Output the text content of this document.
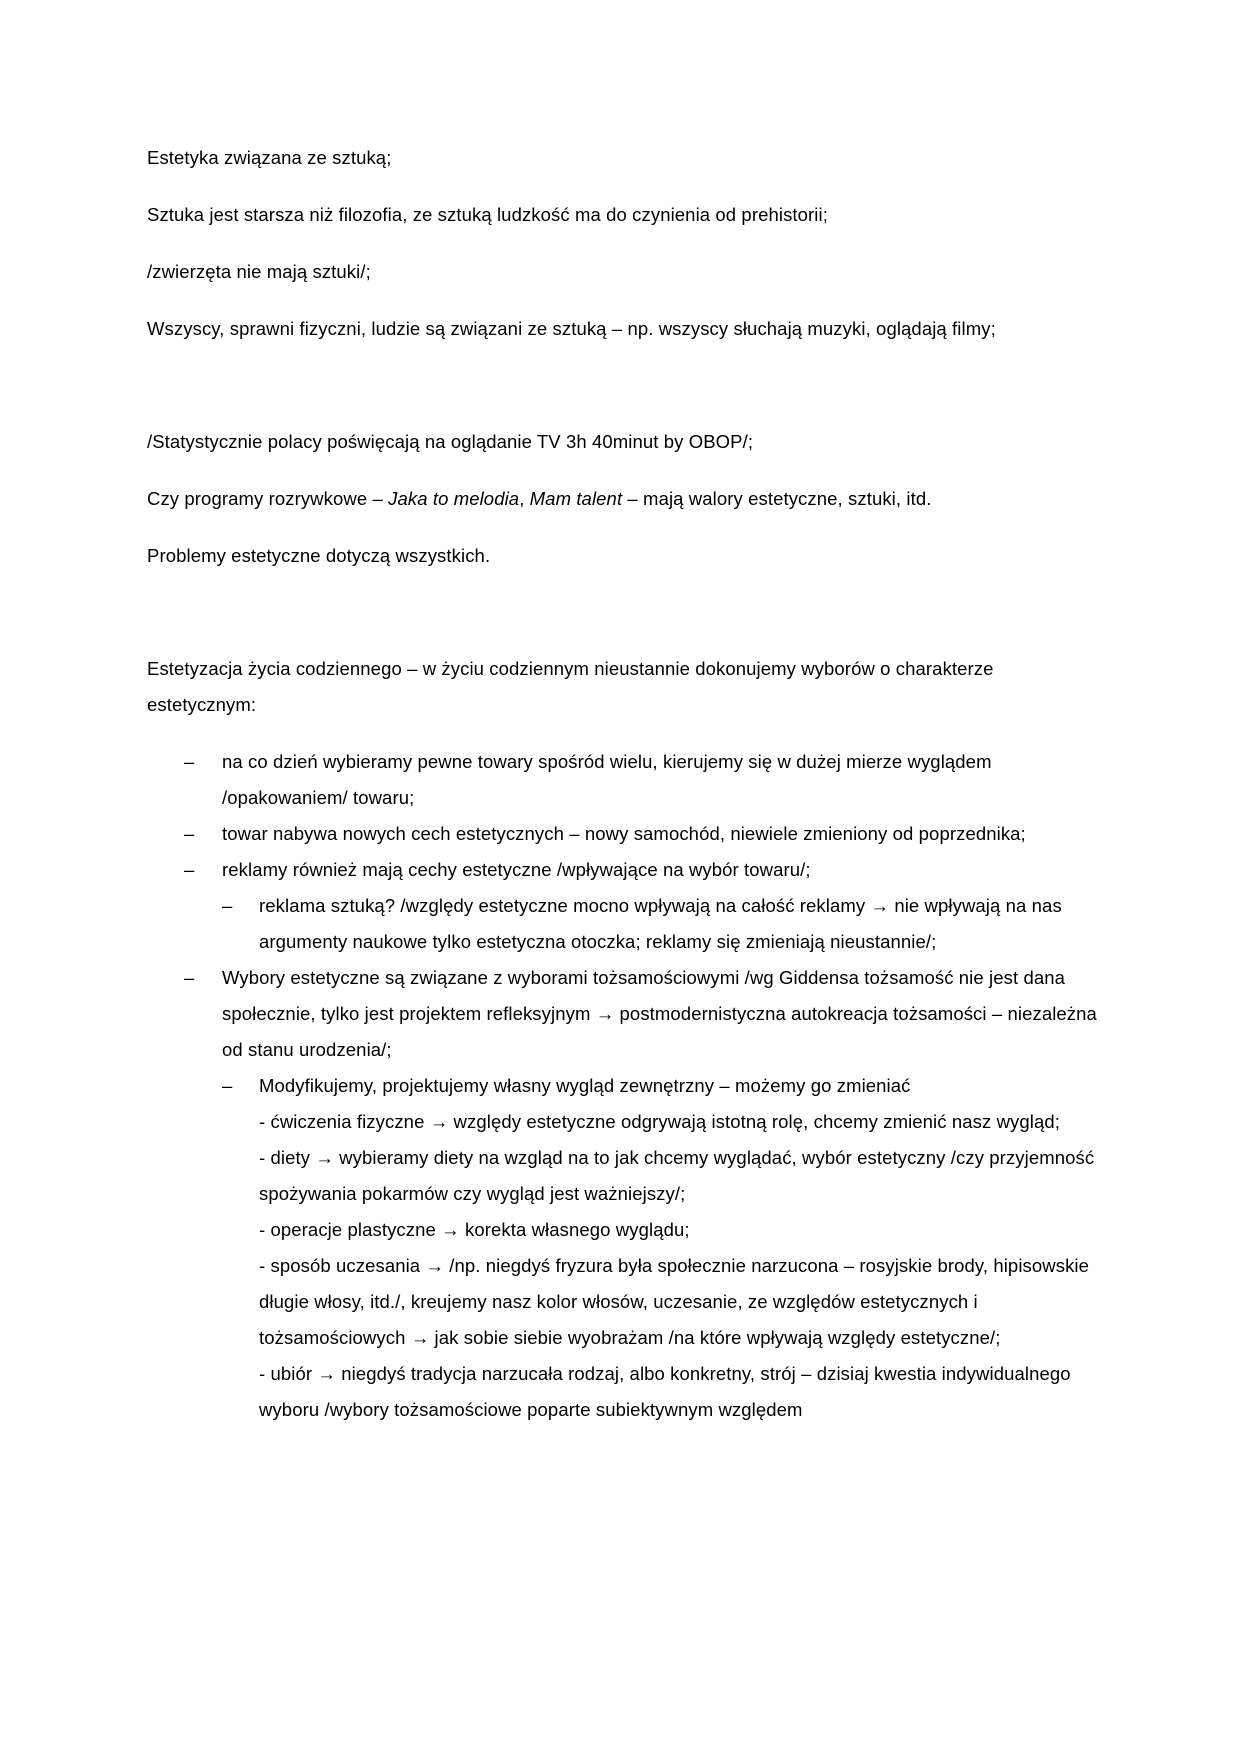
Estetyka związana ze sztuką;

Sztuka jest starsza niż filozofia, ze sztuką ludzkość ma do czynienia od prehistorii;

/zwierzęta nie mają sztuki/;

Wszyscy, sprawni fizyczni, ludzie są związani ze sztuką – np. wszyscy słuchają muzyki, oglądają filmy;

/Statystycznie polacy poświęcają na oglądanie TV 3h 40minut by OBOP/;

Czy programy rozrywkowe – Jaka to melodia, Mam talent – mają walory estetyczne, sztuki, itd.

Problemy estetyczne dotyczą wszystkich.

Estetyzacja życia codziennego – w życiu codziennym nieustannie dokonujemy wyborów o charakterze estetycznym:

– na co dzień wybieramy pewne towary spośród wielu, kierujemy się w dużej mierze wyglądem /opakowaniem/ towaru;
– towar nabywa nowych cech estetycznych – nowy samochód, niewiele zmieniony od poprzednika;
– reklamy również mają cechy estetyczne /wpływające na wybór towaru/;
– reklama sztuką? /względy estetyczne mocno wpływają na całość reklamy → nie wpływają na nas argumenty naukowe tylko estetyczna otoczka; reklamy się zmieniają nieustannie/;
– Wybory estetyczne są związane z wyborami tożsamościowymi /wg Giddensa tożsamość nie jest dana społecznie, tylko jest projektem refleksyjnym → postmodernistyczna autokreacja tożsamości – niezależna od stanu urodzenia/;
– Modyfikujemy, projektujemy własny wygląd zewnętrzny – możemy go zmieniać
- ćwiczenia fizyczne → względy estetyczne odgrywają istotną rolę, chcemy zmienić nasz wygląd;
- diety → wybieramy diety na wzgląd na to jak chcemy wyglądać, wybór estetyczny /czy przyjemność spożywania pokarmów czy wygląd jest ważniejszy/;
- operacje plastyczne → korekta własnego wyglądu;
- sposób uczesania → /np. niegdyś fryzura była społecznie narzucona – rosyjskie brody, hipisowskie długie włosy, itd./, kreujemy nasz kolor włosów, uczesanie, ze względów estetycznych i tożsamościowych → jak sobie siebie wyobrażam /na które wpływają względy estetyczne/;
- ubiór → niegdyś tradycja narzucała rodzaj, albo konkretny, strój – dzisiaj kwestia indywidualnego wyboru /wybory tożsamościowe poparte subiektywnym względem
